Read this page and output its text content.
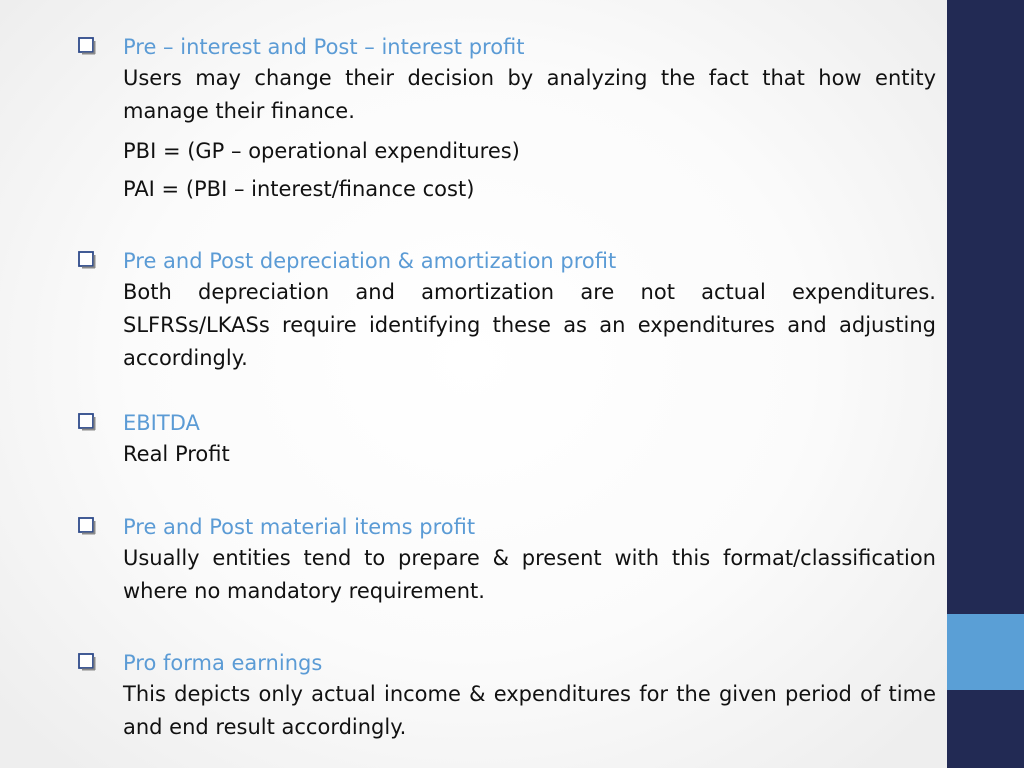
Pre – interest and Post – interest profit
Users may change their decision by analyzing the fact that how entity manage their finance.
PBI = (GP – operational expenditures)
PAI = (PBI – interest/finance cost)
Pre and Post depreciation & amortization profit
Both depreciation and amortization are not actual expenditures. SLFRSs/LKASs require identifying these as an expenditures and adjusting accordingly.
EBITDA
Real Profit
Pre and Post material items profit
Usually entities tend to prepare & present with this format/classification where no mandatory requirement.
Pro forma earnings
This depicts only actual income & expenditures for the given period of time and end result accordingly.
